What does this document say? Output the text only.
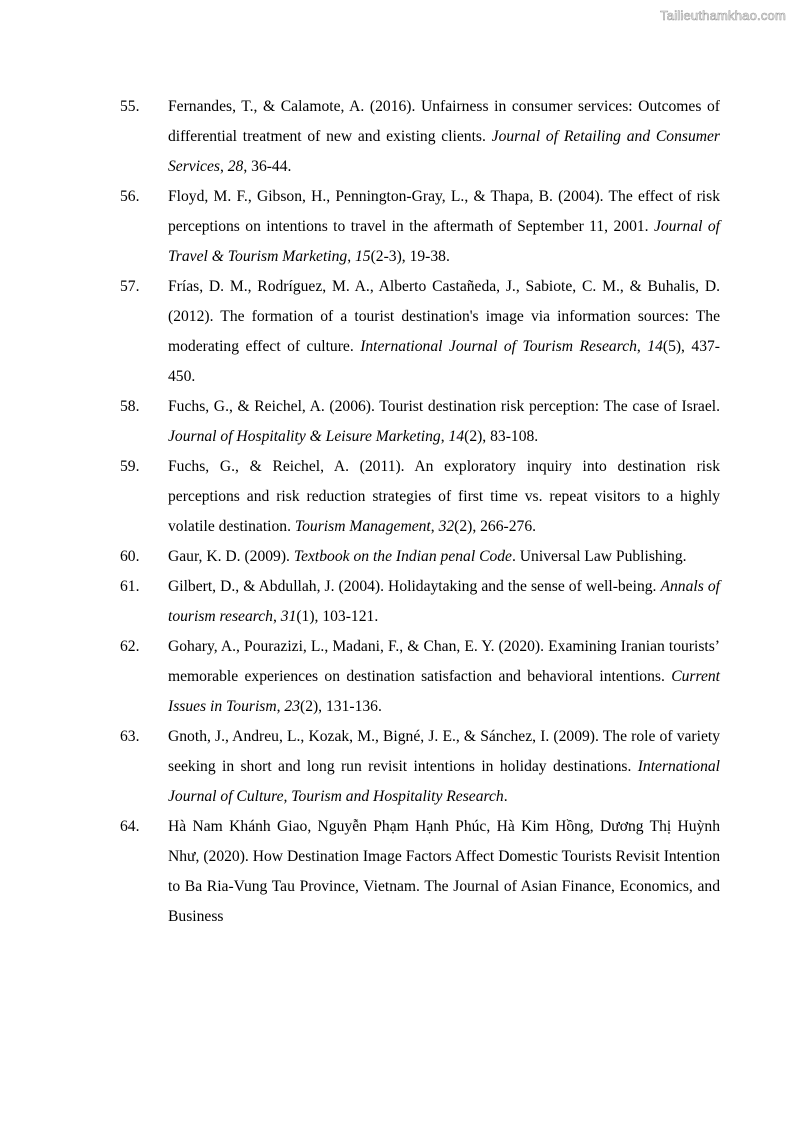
Tailieuthamkhao.com
55.	Fernandes, T., & Calamote, A. (2016). Unfairness in consumer services: Outcomes of differential treatment of new and existing clients. Journal of Retailing and Consumer Services, 28, 36-44.

56.	Floyd, M. F., Gibson, H., Pennington-Gray, L., & Thapa, B. (2004). The effect of risk perceptions on intentions to travel in the aftermath of September 11, 2001. Journal of Travel & Tourism Marketing, 15(2-3), 19-38.

57.	Frías, D. M., Rodríguez, M. A., Alberto Castañeda, J., Sabiote, C. M., & Buhalis, D. (2012). The formation of a tourist destination's image via information sources: The moderating effect of culture. International Journal of Tourism Research, 14(5), 437-450.

58.	Fuchs, G., & Reichel, A. (2006). Tourist destination risk perception: The case of Israel. Journal of Hospitality & Leisure Marketing, 14(2), 83-108.

59.	Fuchs, G., & Reichel, A. (2011). An exploratory inquiry into destination risk perceptions and risk reduction strategies of first time vs. repeat visitors to a highly volatile destination. Tourism Management, 32(2), 266-276.

60.	Gaur, K. D. (2009). Textbook on the Indian penal Code. Universal Law Publishing.

61.	Gilbert, D., & Abdullah, J. (2004). Holidaytaking and the sense of well-being. Annals of tourism research, 31(1), 103-121.

62.	Gohary, A., Pourazizi, L., Madani, F., & Chan, E. Y. (2020). Examining Iranian tourists’ memorable experiences on destination satisfaction and behavioral intentions. Current Issues in Tourism, 23(2), 131-136.

63.	Gnoth, J., Andreu, L., Kozak, M., Bigné, J. E., & Sánchez, I. (2009). The role of variety seeking in short and long run revisit intentions in holiday destinations. International Journal of Culture, Tourism and Hospitality Research.

64.	Hà Nam Khánh Giao, Nguyễn Phạm Hạnh Phúc, Hà Kim Hồng, Dương Thị Huỳnh Như, (2020). How Destination Image Factors Affect Domestic Tourists Revisit Intention to Ba Ria-Vung Tau Province, Vietnam. The Journal of Asian Finance, Economics, and Business
